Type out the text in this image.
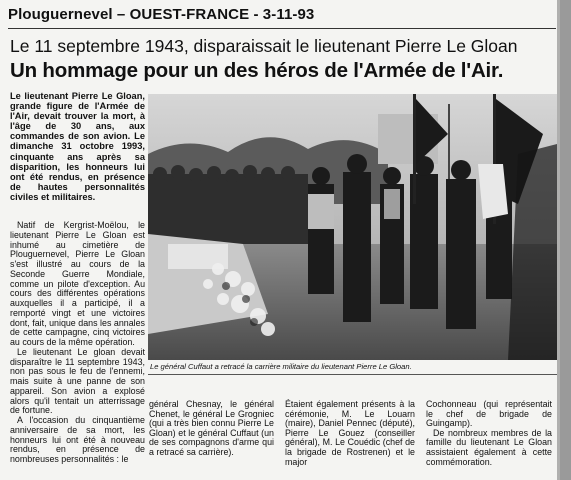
Plouguernevel – OUEST-FRANCE - 3-11-93
Le 11 septembre 1943, disparaissait le lieutenant Pierre Le Gloan
Un hommage pour un des héros de l'Armée de l'Air.
Le lieutenant Pierre Le Gloan, grande figure de l'Armée de l'Air, devait trouver la mort, à l'âge de 30 ans, aux commandes de son avion. Le dimanche 31 octobre 1993, cinquante ans après sa disparition, les honneurs lui ont été rendus, en présence de hautes personnalités civiles et militaires.

Natif de Kergrist-Moëlou, le lieutenant Pierre Le Gloan est inhumé au cimetière de Plouguernevel, Pierre Le Gloan s'est illustré au cours de la Seconde Guerre Mondiale, comme un pilote d'exception. Au cours des différentes opérations auxquelles il a participé, il a remporté vingt et une victoires dont, fait, unique dans les annales de cette campagne, cinq victoires au cours de la même opération.

Le lieutenant Le gloan devait disparaître le 11 septembre 1943, non pas sous le feu de l'ennemi, mais suite à une panne de son appareil. Son avion a explosé alors qu'il tentait un atterrissage de fortune.

A l'occasion du cinquantième anniversaire de sa mort, les honneurs lui ont été à nouveau rendus, en présence de nombreuses personnalités : le

Le général Cuffaut a retracé la carrière militaire du lieutenant Pierre Le Gloan.
général Chesnay, le général Chenet, le général Le Grogniec (qui a très bien connu Pierre Le Gloan) et le général Cuffaut (un de ses compagnons d'arme qui a retracé sa carrière).
Étaient également présents à la cérémonie, M. Le Louarn (maire), Daniel Pennec (député), Pierre Le Gouez (conseiller général), M. Le Couédic (chef de la brigade de Rostrenen) et le major
Cochonneau (qui représentait le chef de brigade de Guingamp).
De nombreux membres de la famille du lieutenant Le Gloan assistaient également à cette commémoration.
